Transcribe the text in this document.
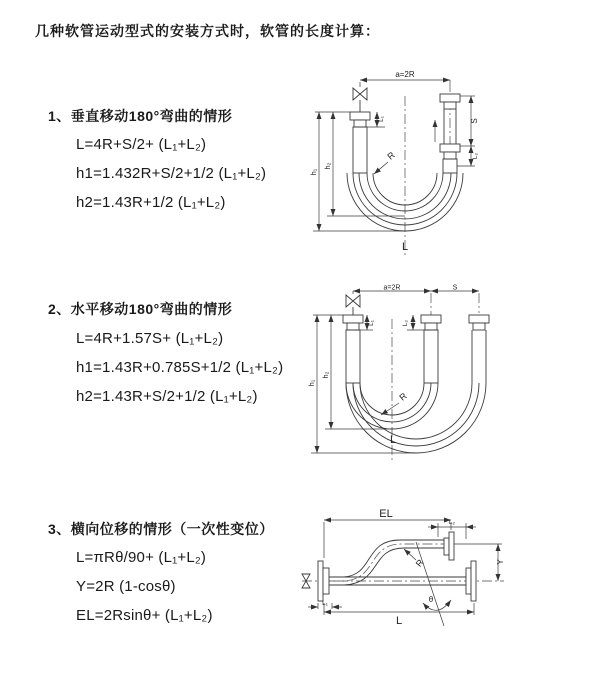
几种软管运动型式的安装方式时，软管的长度计算：
1、垂直移动180°弯曲的情形
L=4R+S/2+ (L₁+L₂)
h1=1.432R+S/2+1/2 (L₁+L₂)
h2=1.43R+1/2 (L₁+L₂)
2、水平移动180°弯曲的情形
L=4R+1.57S+ (L₁+L₂)
h1=1.43R+0.785S+1/2 (L₁+L₂)
h2=1.43R+S/2+1/2 (L₁+L₂)
3、横向位移的情形（一次性变位）
L=πRθ/90+ (L₁+L₂)
Y=2R (1-cosθ)
EL=2Rsinθ+ (L₁+L₂)
a=2R
S
L₂
L₁
h₁
h₂
R
L
a=2R	S
h₁
h₂
L₁	L₂
R
L
EL
L₂
Y
R
θ
L
L₁
